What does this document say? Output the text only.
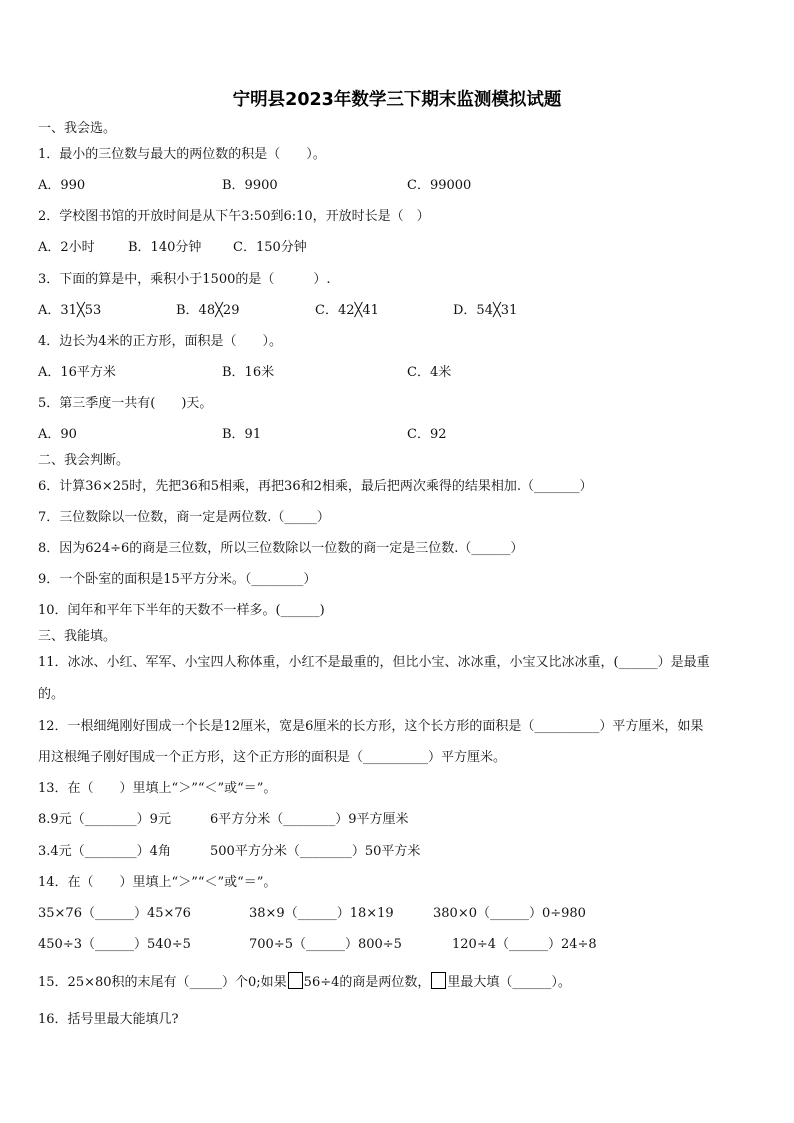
宁明县2023年数学三下期末监测模拟试题
一、我会选。
1．最小的三位数与最大的两位数的积是（　　）。
A．990	B．9900	C．99000
2．学校图书馆的开放时间是从下午3:50到6:10，开放时长是（　）
A．2小时	B．140分钟 C．150分钟
3．下面的算是中，乘积小于1500的是（　　　）.
A．31╳53	B．48╳29	C．42╳41	D．54╳31
4．边长为4米的正方形，面积是（　　）。
A．16平方米	B．16米	C．4米
5．第三季度一共有(　　)天。
A．90	B．91	C．92
二、我会判断。
6．计算36×25时，先把36和5相乘，再把36和2相乘，最后把两次乘得的结果相加.（_______）
7．三位数除以一位数，商一定是两位数.（_____）
8．因为624÷6的商是三位数，所以三位数除以一位数的商一定是三位数.（______）
9．一个卧室的面积是15平方分米。（________）
10．闰年和平年下半年的天数不一样多。(______)
三、我能填。
11．冰冰、小红、军军、小宝四人称体重，小红不是最重的，但比小宝、冰冰重，小宝又比冰冰重，(______）是最重
的。
12．一根细绳刚好围成一个长是12厘米，宽是6厘米的长方形，这个长方形的面积是（__________）平方厘米，如果
用这根绳子刚好围成一个正方形，这个正方形的面积是（__________）平方厘米。
13．在（　　）里填上“＞”“＜”或“＝”。
8.9元（________）9元	6平方分米（________）9平方厘米
3.4元（________）4角	500平方分米（________）50平方米
14．在（　　）里填上“＞”“＜”或“＝”。
35×76（______）45×76	38×9（______）18×19	380×0（______）0÷980
450÷3（______）540÷5	700÷5（______）800÷5	120÷4（______）24÷8
15．25×80积的末尾有（_____）个0;如果 56÷4的商是两位数， 里最大填（______）。
16．括号里最大能填几?
